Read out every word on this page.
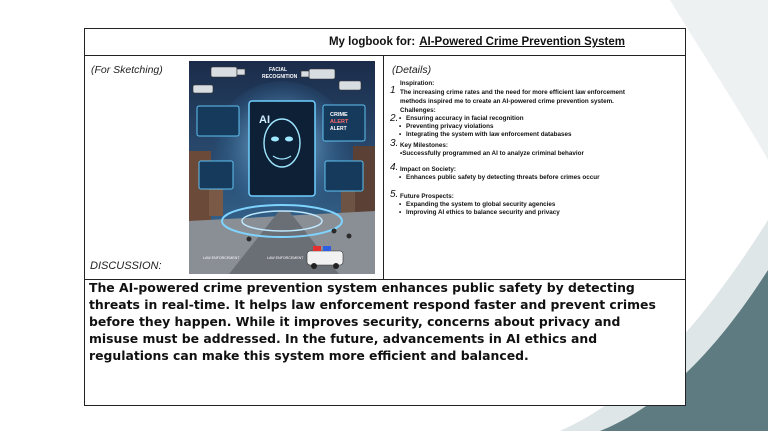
My logbook for: AI-Powered Crime Prevention System
(For Sketching)	FACIAL
RECOGNITION
AI	CRIME
ALERT
ALERT
LAW ENFORCEMENT	LAW ENFORCEMENT
(Details)
Inspiration:
1 The increasing crime rates and the need for more efficient law enforcement
methods inspired me to create an AI-powered crime prevention system.
Challenges:
2.
• Ensuring accuracy in facial recognition
• Preventing privacy violations
• Integrating the system with law enforcement databases
3. Key Milestones:
•Successfully programmed an AI to analyze criminal behavior
4. Impact on Society:
• Enhances public safety by detecting threats before crimes occur
5. Future Prospects:
• Expanding the system to global security agencies
• Improving AI ethics to balance security and privacy
DISCUSSION:

The AI-powered crime prevention system enhances public safety by detecting

threats in real-time. It helps law enforcement respond faster and prevent crimes

before they happen. While it improves security, concerns about privacy and

misuse must be addressed. In the future, advancements in AI ethics and

regulations can make this system more efficient and balanced.
